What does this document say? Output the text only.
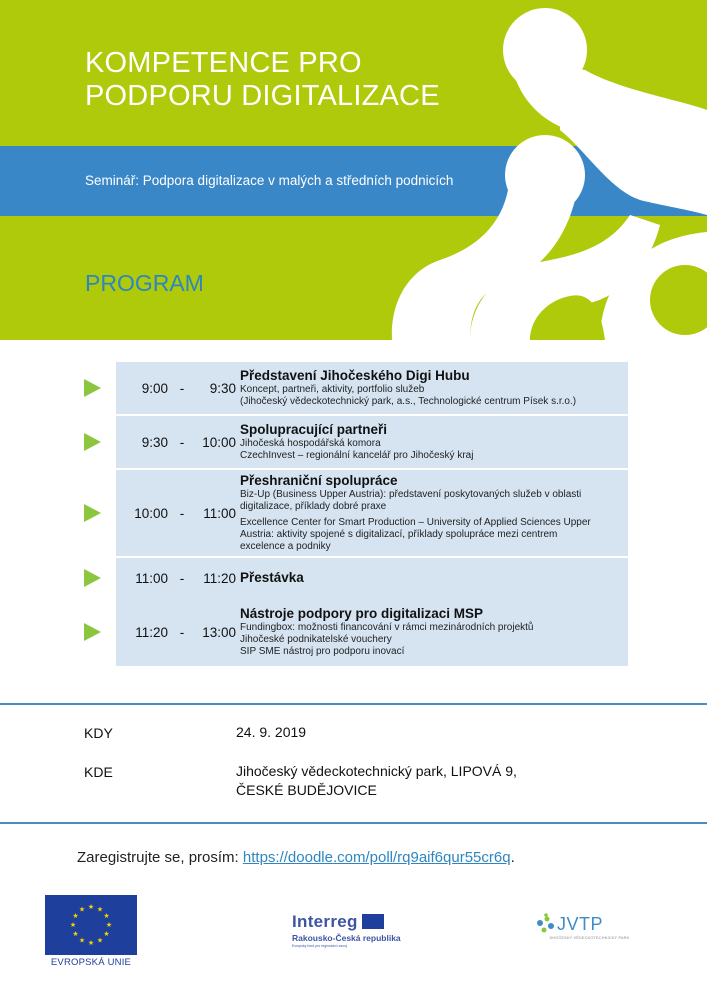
KOMPETENCE PRO
PODPORU DIGITALIZACE
Seminář: Podpora digitalizace v malých a středních podnicích
PROGRAM
9:00 -	9:30
Představení Jihočeského Digi Hubu
Koncept, partneři, aktivity, portfolio služeb
(Jihočeský vědeckotechnický park, a.s., Technologické centrum Písek s.r.o.)
9:30 -	10:00
Spolupracující partneři
Jihočeská hospodářská komora
CzechInvest – regionální kancelář pro Jihočeský kraj
10:00 -	11:00
Přeshraniční spolupráce
Biz-Up (Business Upper Austria): představení poskytovaných služeb v oblasti
digitalizace, příklady dobré praxe
Excellence Center for Smart Production – University of Applied Sciences Upper
Austria: aktivity spojené s digitalizací, příklady spolupráce mezi centrem
excelence a podniky
11:00 -	11:20 Přestávka
11:20 -	13:00
Nástroje podpory pro digitalizaci MSP
Fundingbox: možnosti financování v rámci mezinárodních projektů
Jihočeské podnikatelské vouchery
SIP SME nástroj pro podporu inovací
KDY	24. 9. 2019
KDE	Jihočeský vědeckotechnický park, LIPOVÁ 9,
ČESKÉ BUDĚJOVICE
Zaregistrujte se, prosím: https://doodle.com/poll/rq9aif6qur55cr6q.
★ ★
★
★
★
★
★
★
★
★
★
★
EVROPSKÁ UNIE
Interreg
Rakousko-Česká republika
Evropský fond pro regionální rozvoj
JVTP
JIHOČESKÝ VĚDECKOTECHNICKÝ PARK
